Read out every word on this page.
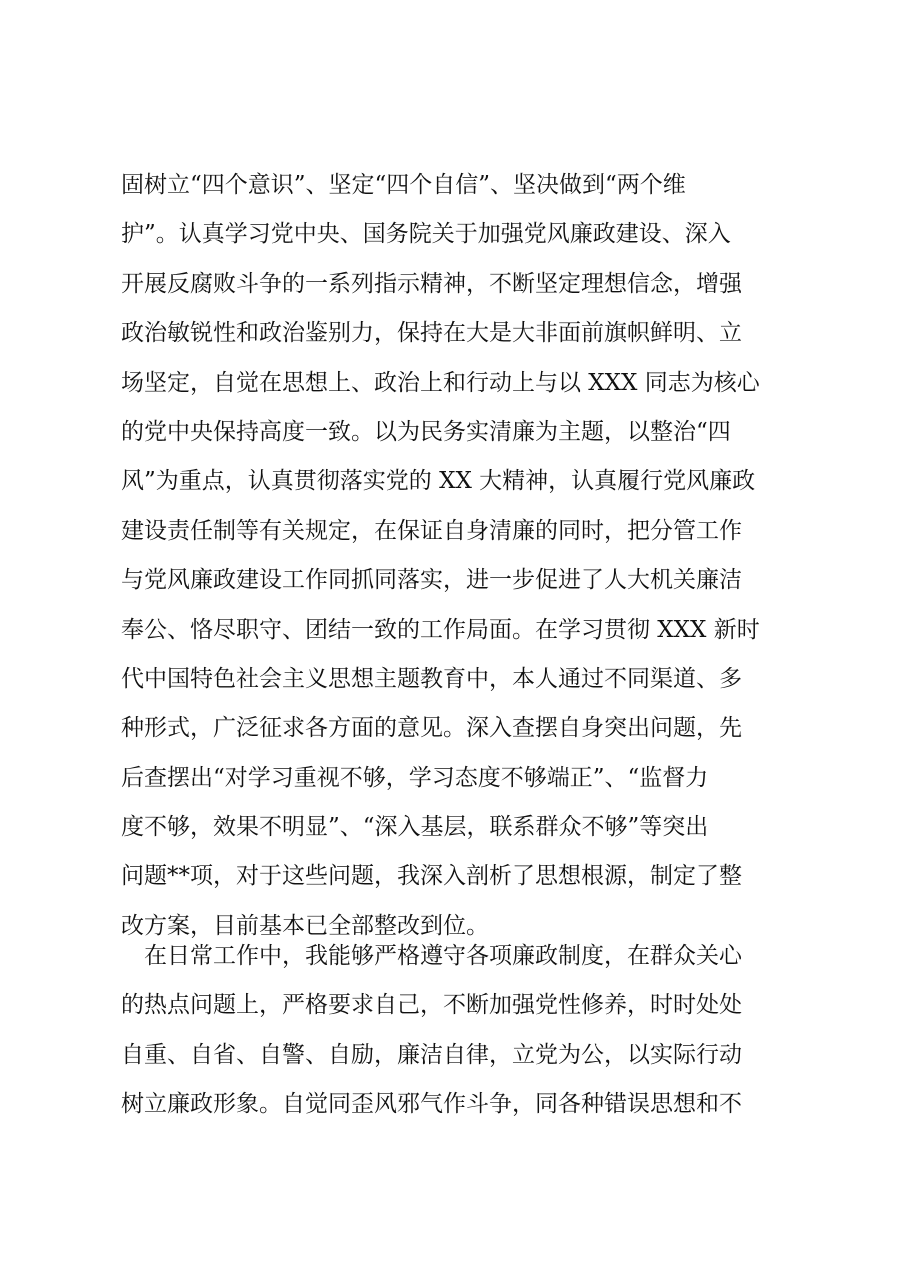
固树立“四个意识”、坚定“四个自信”、坚决做到“两个维
护”。认真学习党中央、国务院关于加强党风廉政建设、深入
开展反腐败斗争的一系列指示精神，不断坚定理想信念，增强
政治敏锐性和政治鉴别力，保持在大是大非面前旗帜鲜明、立
场坚定，自觉在思想上、政治上和行动上与以 XXX 同志为核心
的党中央保持高度一致。以为民务实清廉为主题，以整治“四
风”为重点，认真贯彻落实党的 XX 大精神，认真履行党风廉政
建设责任制等有关规定，在保证自身清廉的同时，把分管工作
与党风廉政建设工作同抓同落实，进一步促进了人大机关廉洁
奉公、恪尽职守、团结一致的工作局面。在学习贯彻 XXX 新时
代中国特色社会主义思想主题教育中，本人通过不同渠道、多
种形式，广泛征求各方面的意见。深入查摆自身突出问题，先
后查摆出“对学习重视不够，学习态度不够端正”、“监督力
度不够，效果不明显”、“深入基层，联系群众不够”等突出
问题**项，对于这些问题，我深入剖析了思想根源，制定了整
改方案，目前基本已全部整改到位。
　在日常工作中，我能够严格遵守各项廉政制度，在群众关心
的热点问题上，严格要求自己，不断加强党性修养，时时处处
自重、自省、自警、自励，廉洁自律，立党为公，以实际行动
树立廉政形象。自觉同歪风邪气作斗争，同各种错误思想和不
